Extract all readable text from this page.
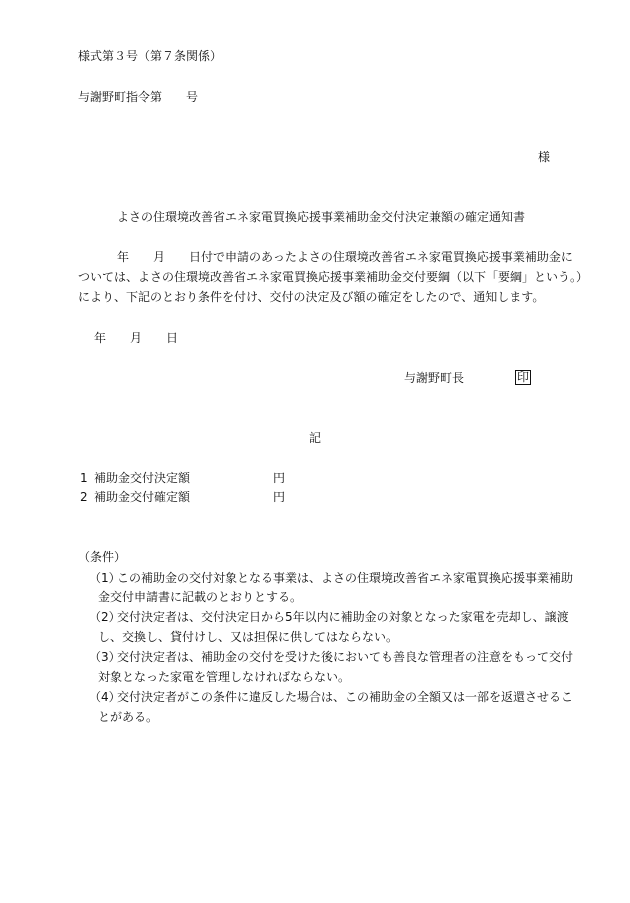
様式第３号（第７条関係）
与謝野町指令第　　号
様
よさの住環境改善省エネ家電買換応援事業補助金交付決定兼額の確定通知書
年　　月　　日付で申請のあったよさの住環境改善省エネ家電買換応援事業補助金に
ついては、よさの住環境改善省エネ家電買換応援事業補助金交付要綱（以下「要綱」という。）
により、下記のとおり条件を付け、交付の決定及び額の確定をしたので、通知します。
年　　月　　日
与謝野町長	印
記
1 補助金交付決定額	円
2 補助金交付確定額	円
（条件）
（1）
この補助金の交付対象となる事業は、よさの住環境改善省エネ家電買換応援事業補助
金交付申請書に記載のとおりとする。
（2）
交付決定者は、交付決定日から5年以内に補助金の対象となった家電を売却し、譲渡
し、交換し、貸付けし、又は担保に供してはならない。
（3）
交付決定者は、補助金の交付を受けた後においても善良な管理者の注意をもって交付
対象となった家電を管理しなければならない。
（4）
交付決定者がこの条件に違反した場合は、この補助金の全額又は一部を返還させるこ
とがある。
